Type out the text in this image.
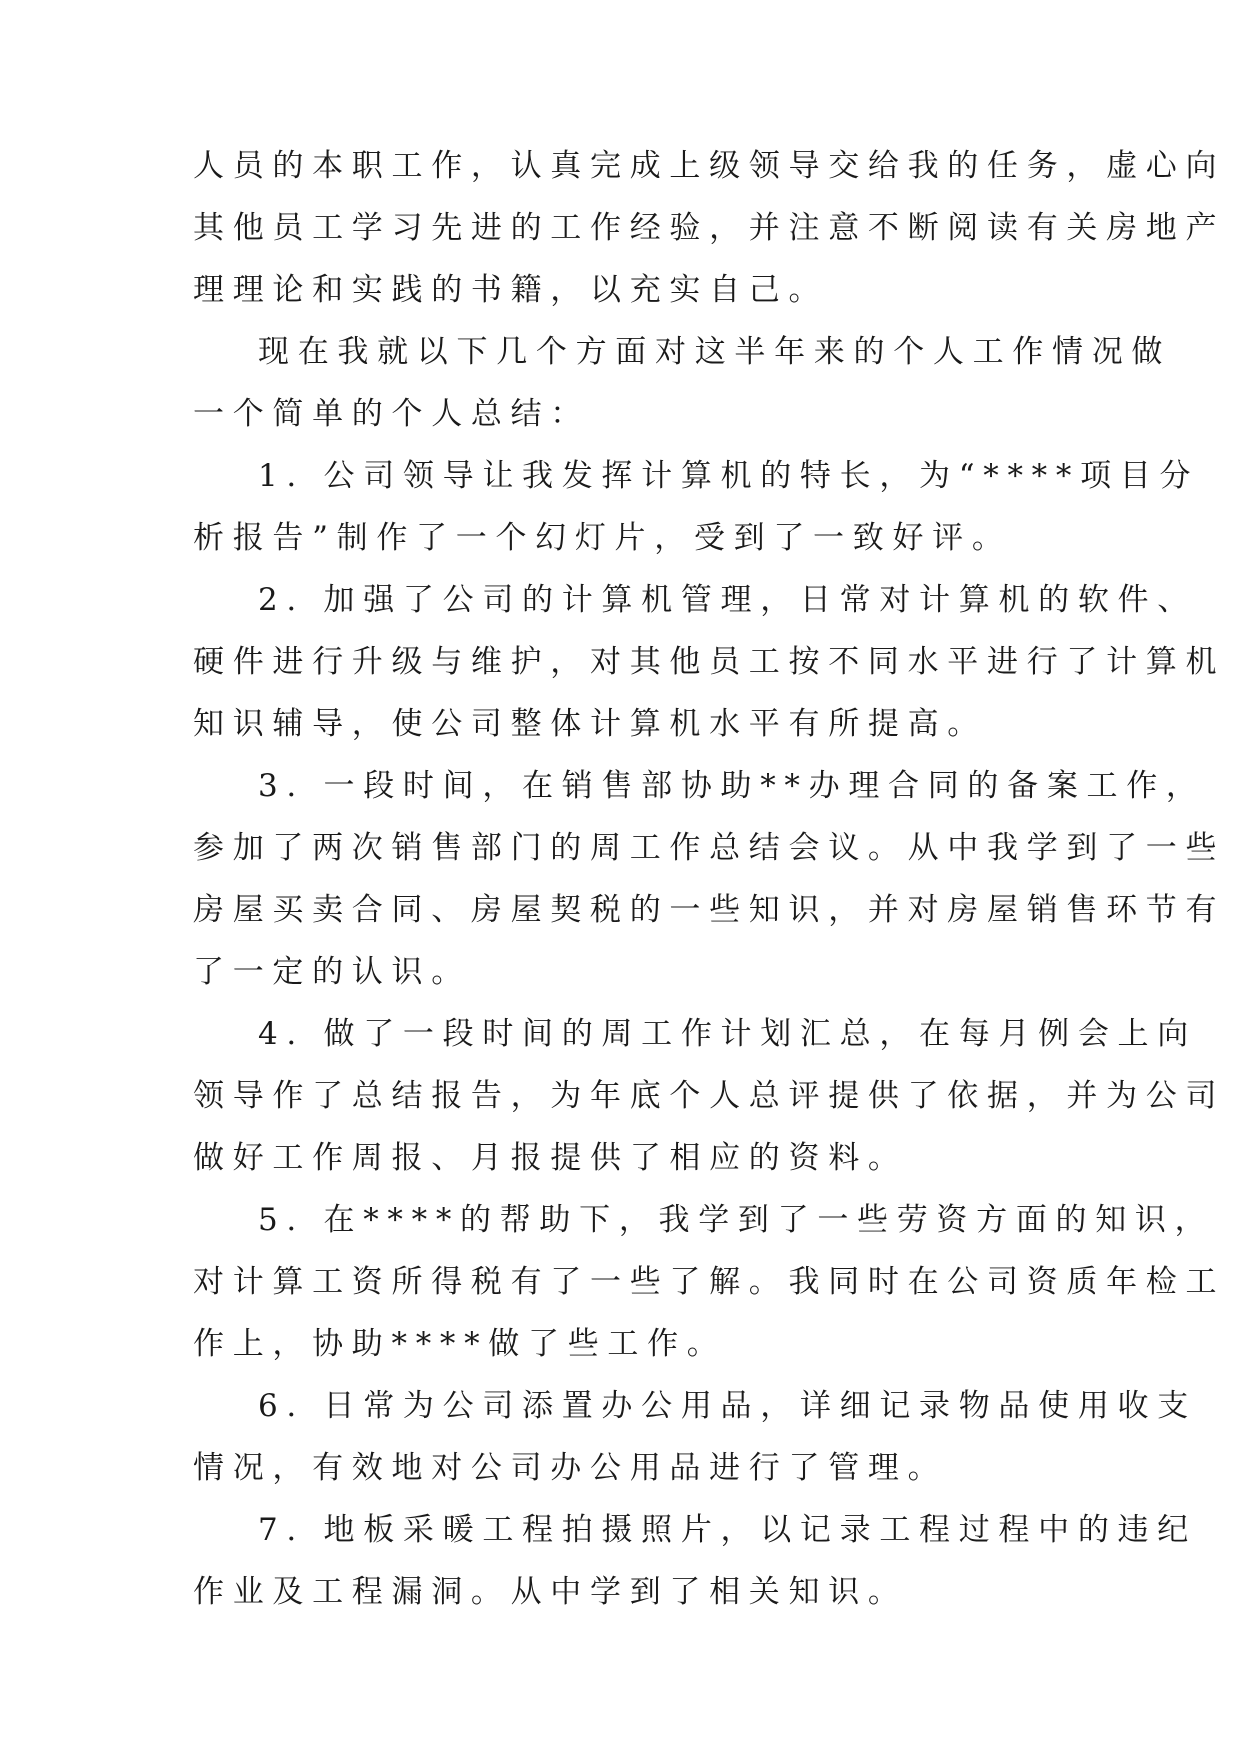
人员的本职工作，认真完成上级领导交给我的任务，虚心向
其他员工学习先进的工作经验，并注意不断阅读有关房地产
理理论和实践的书籍，以充实自己。
现在我就以下几个方面对这半年来的个人工作情况做
一个简单的个人总结：
1. 公司领导让我发挥计算机的特长，为“****项目分
析报告”制作了一个幻灯片，受到了一致好评。
2. 加强了公司的计算机管理，日常对计算机的软件、
硬件进行升级与维护，对其他员工按不同水平进行了计算机
知识辅导，使公司整体计算机水平有所提高。
3. 一段时间，在销售部协助**办理合同的备案工作，
参加了两次销售部门的周工作总结会议。从中我学到了一些
房屋买卖合同、房屋契税的一些知识，并对房屋销售环节有
了一定的认识。
4. 做了一段时间的周工作计划汇总，在每月例会上向
领导作了总结报告，为年底个人总评提供了依据，并为公司
做好工作周报、月报提供了相应的资料。
5. 在****的帮助下，我学到了一些劳资方面的知识，
对计算工资所得税有了一些了解。我同时在公司资质年检工
作上，协助****做了些工作。
6. 日常为公司添置办公用品，详细记录物品使用收支
情况，有效地对公司办公用品进行了管理。
7. 地板采暖工程拍摄照片，以记录工程过程中的违纪
作业及工程漏洞。从中学到了相关知识。
